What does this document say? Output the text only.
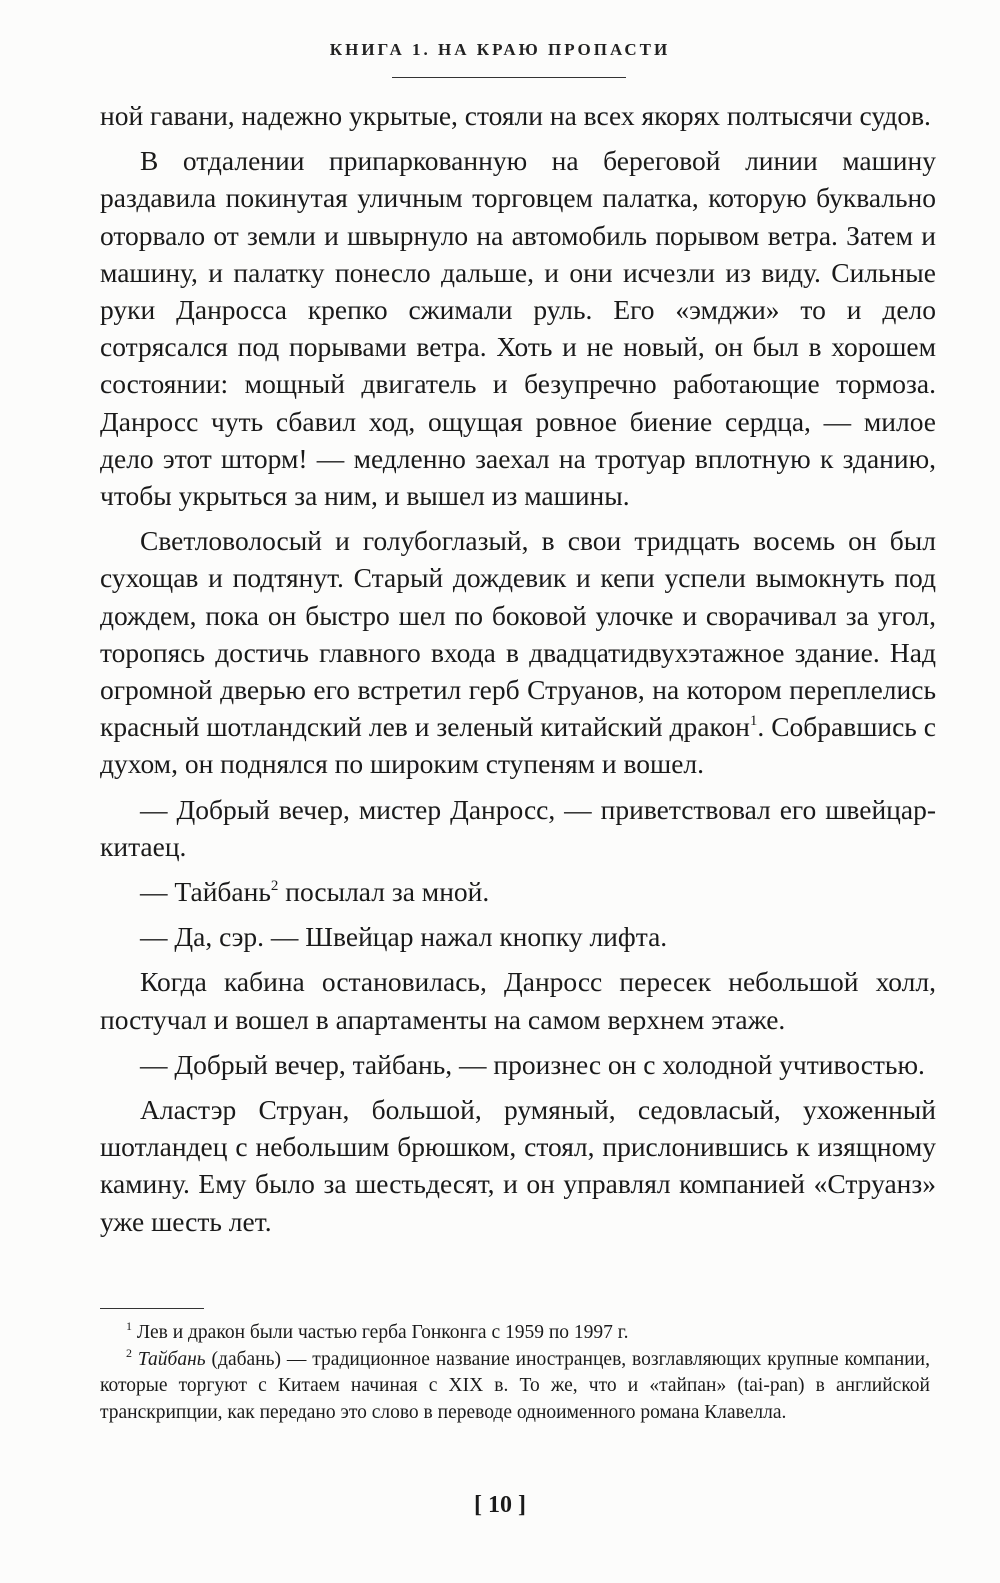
КНИГА 1. НА КРАЮ ПРОПАСТИ

ной гавани, надежно укрытые, стояли на всех якорях полтысячи судов.

В отдалении припаркованную на береговой линии машину раздавила покинутая уличным торговцем палатка, которую буквально оторвало от земли и швырнуло на автомобиль порывом ветра. Затем и машину, и палатку понесло дальше, и они исчезли из виду. Сильные руки Данросса крепко сжимали руль. Его «эмджи» то и дело сотрясался под порывами ветра. Хоть и не новый, он был в хорошем состоянии: мощный двигатель и безупречно работающие тормоза. Данросс чуть сбавил ход, ощущая ровное биение сердца, — милое дело этот шторм! — медленно заехал на тротуар вплотную к зданию, чтобы укрыться за ним, и вышел из машины.

Светловолосый и голубоглазый, в свои тридцать восемь он был сухощав и подтянут. Старый дождевик и кепи успели вымокнуть под дождем, пока он быстро шел по боковой улочке и сворачивал за угол, торопясь достичь главного входа в двадцатидвухэтажное здание. Над огромной дверью его встретил герб Струанов, на котором переплелись красный шотландский лев и зеленый китайский дракон$^1$. Собравшись с духом, он поднялся по широким ступеням и вошел.

— Добрый вечер, мистер Данросс, — приветствовал его швейцар-китаец.

— Тайбань$^2$ посылал за мной.

— Да, сэр. — Швейцар нажал кнопку лифта.

Когда кабина остановилась, Данросс пересек небольшой холл, постучал и вошел в апартаменты на самом верхнем этаже.

— Добрый вечер, тайбань, — произнес он с холодной учтивостью.

Аластэр Струан, большой, румяный, седовласый, ухоженный шотландец с небольшим брюшком, стоял, прислонившись к изящному камину. Ему было за шестьдесят, и он управлял компанией «Струанз» уже шесть лет.

$^1$ Лев и дракон были частью герба Гонконга с 1959 по 1997 г.

$^2$ Тайбань (дабань) — традиционное название иностранцев, возглавляющих крупные компании, которые торгуют с Китаем начиная с XIX в. То же, что и «тайпан» (tai-pan) в английской транскрипции, как передано это слово в переводе одноименного романа Клавелла.

[ 10 ]
